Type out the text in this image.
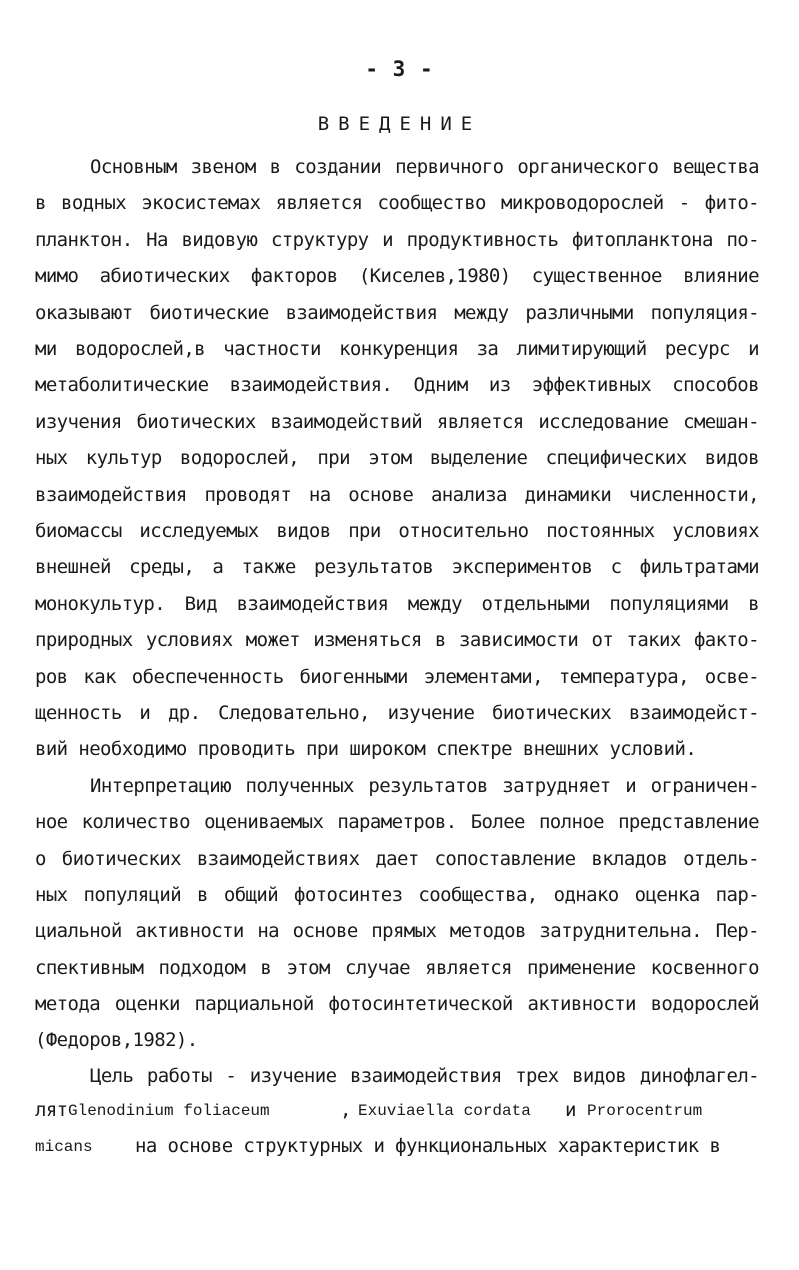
- 3 -
ВВЕДЕНИЕ
Основным звеном в создании первичного органического вещества
в водных экосистемах является сообщество микроводорослей - фито-
планктон. На видовую структуру и продуктивность фитопланктона по-
мимо абиотических факторов (Киселев,1980) существенное влияние
оказывают биотические взаимодействия между различными популяция-
ми водорослей,в частности конкуренция за лимитирующий ресурс и
метаболитические взаимодействия. Одним из эффективных способов
изучения биотических взаимодействий является исследование смешан-
ных культур водорослей, при этом выделение специфических видов
взаимодействия проводят на основе анализа динамики численности,
биомассы исследуемых видов при относительно постоянных условиях
внешней среды, а также результатов экспериментов с фильтратами
монокультур. Вид взаимодействия между отдельными популяциями в
природных условиях может изменяться в зависимости от таких факто-
ров как обеспеченность биогенными элементами, температура, осве-
щенность и др. Следовательно, изучение биотических взаимодейст-
вий необходимо проводить при широком спектре внешних условий.
Интерпретацию полученных результатов затрудняет и ограничен-
ное количество оцениваемых параметров. Более полное представление
о биотических взаимодействиях дает сопоставление вкладов отдель-
ных популяций в общий фотосинтез сообщества, однако оценка пар-
циальной активности на основе прямых методов затруднительна. Пер-
спективным подходом в этом случае является применение косвенного
метода оценки парциальной фотосинтетической активности водорослей
(Федоров,1982).
Цель работы - изучение взаимодействия трех видов динофлагел-
лят Glenodinium foliaceum	, Exuviaella cordata и Prorocentrum
micans на основе структурных и функциональных характеристик в
